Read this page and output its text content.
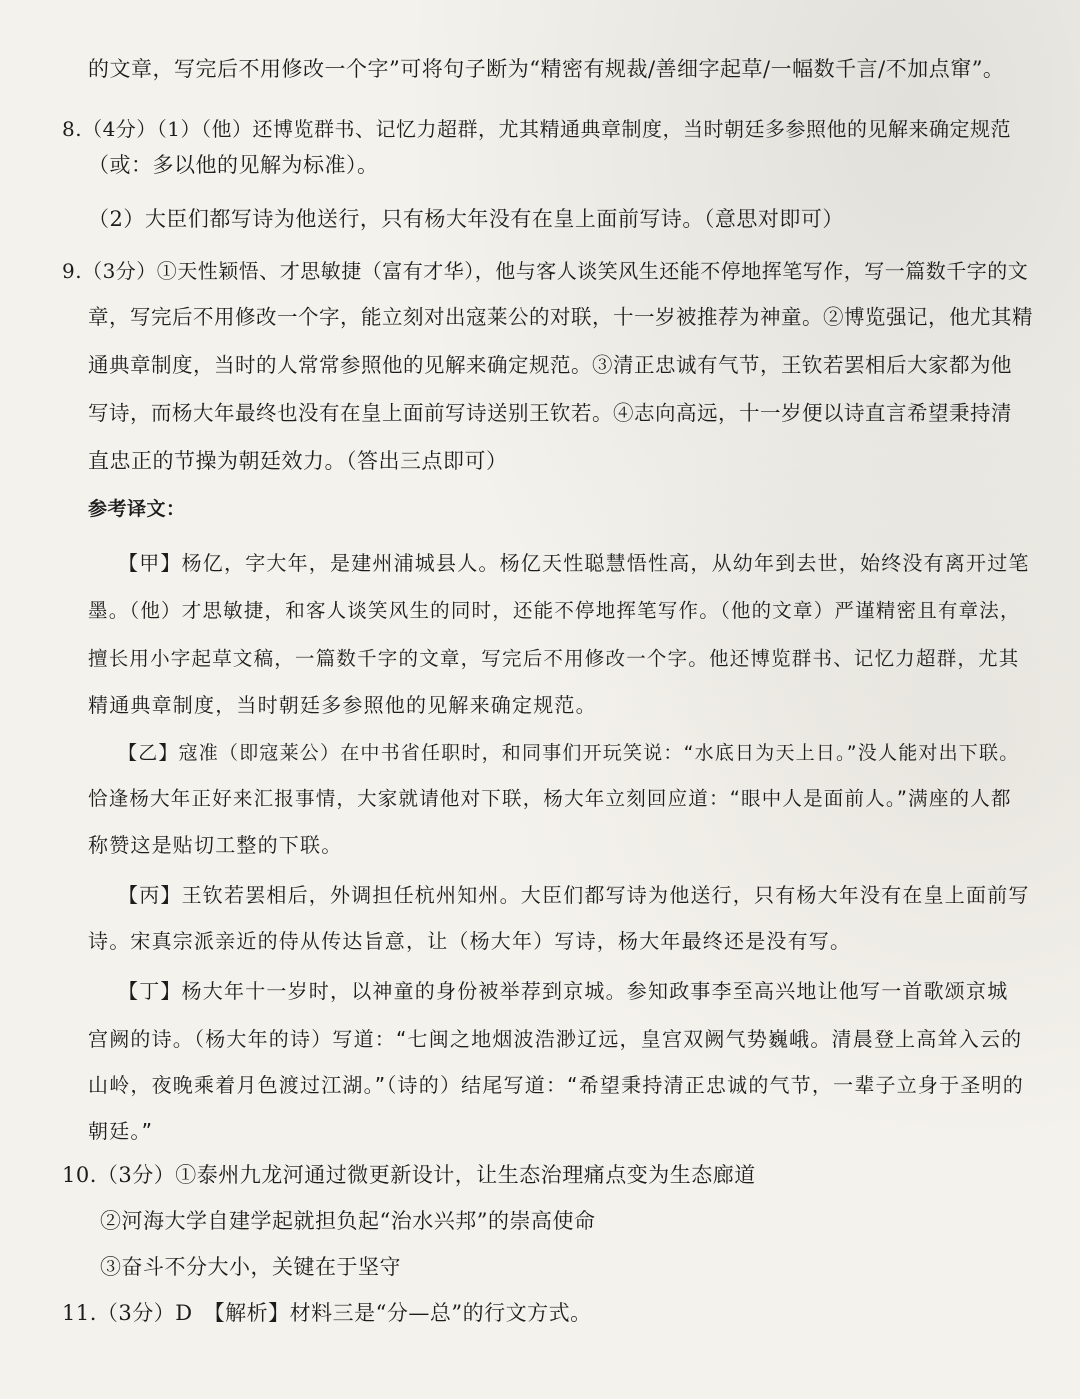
的文章，写完后不用修改一个字”可将句子断为“精密有规裁/善细字起草/一幅数千言/不加点窜”。
8.（4分）（1）（他）还博览群书、记忆力超群，尤其精通典章制度，当时朝廷多参照他的见解来确定规范
（或：多以他的见解为标准）。
（2）大臣们都写诗为他送行，只有杨大年没有在皇上面前写诗。（意思对即可）
9.（3分）①天性颖悟、才思敏捷（富有才华），他与客人谈笑风生还能不停地挥笔写作，写一篇数千字的文
章，写完后不用修改一个字，能立刻对出寇莱公的对联，十一岁被推荐为神童。②博览强记，他尤其精
通典章制度，当时的人常常参照他的见解来确定规范。③清正忠诚有气节，王钦若罢相后大家都为他
写诗，而杨大年最终也没有在皇上面前写诗送别王钦若。④志向高远，十一岁便以诗直言希望秉持清
直忠正的节操为朝廷效力。（答出三点即可）
参考译文：
【甲】杨亿，字大年，是建州浦城县人。杨亿天性聪慧悟性高，从幼年到去世，始终没有离开过笔
墨。（他）才思敏捷，和客人谈笑风生的同时，还能不停地挥笔写作。（他的文章）严谨精密且有章法，
擅长用小字起草文稿，一篇数千字的文章，写完后不用修改一个字。他还博览群书、记忆力超群，尤其
精通典章制度，当时朝廷多参照他的见解来确定规范。
【乙】寇准（即寇莱公）在中书省任职时，和同事们开玩笑说：“水底日为天上日。”没人能对出下联。
恰逢杨大年正好来汇报事情，大家就请他对下联，杨大年立刻回应道：“眼中人是面前人。”满座的人都
称赞这是贴切工整的下联。
【丙】王钦若罢相后，外调担任杭州知州。大臣们都写诗为他送行，只有杨大年没有在皇上面前写
诗。宋真宗派亲近的侍从传达旨意，让（杨大年）写诗，杨大年最终还是没有写。
【丁】杨大年十一岁时，以神童的身份被举荐到京城。参知政事李至高兴地让他写一首歌颂京城
宫阙的诗。（杨大年的诗）写道：“七闽之地烟波浩渺辽远，皇宫双阙气势巍峨。清晨登上高耸入云的
山岭，夜晚乘着月色渡过江湖。”（诗的）结尾写道：“希望秉持清正忠诚的气节，一辈子立身于圣明的
朝廷。”
10.（3分）①泰州九龙河通过微更新设计，让生态治理痛点变为生态廊道
②河海大学自建学起就担负起“治水兴邦”的崇高使命
③奋斗不分大小，关键在于坚守
11.（3分）D　【解析】材料三是“分—总”的行文方式。
